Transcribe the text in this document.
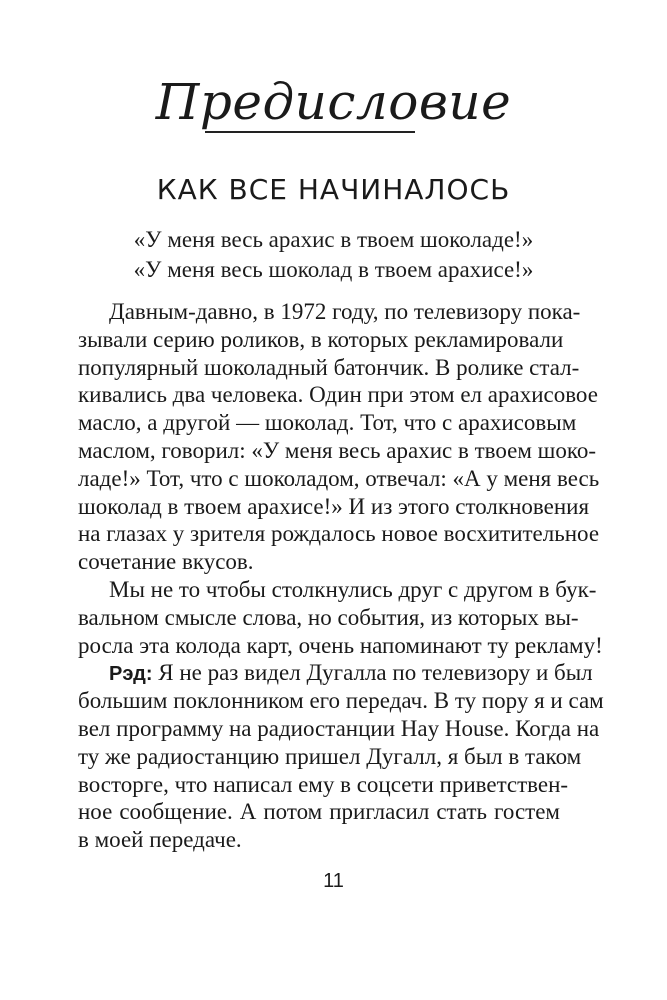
Предисловие
КАК ВСЕ НАЧИНАЛОСЬ
«У меня весь арахис в твоем шоколаде!»
«У меня весь шоколад в твоем арахисе!»

Давным-давно, в 1972 году, по телевизору пока-
зывали серию роликов, в которых рекламировали
популярный шоколадный батончик. В ролике стал-
кивались два человека. Один при этом ел арахисовое
масло, а другой — шоколад. Тот, что с арахисовым
маслом, говорил: «У меня весь арахис в твоем шоко-
ладе!» Тот, что с шоколадом, отвечал: «А у меня весь
шоколад в твоем арахисе!» И из этого столкновения
на глазах у зрителя рождалось новое восхитительное
сочетание вкусов.

Мы не то чтобы столкнулись друг с другом в бук-
вальном смысле слова, но события, из которых вы-
росла эта колода карт, очень напоминают ту рекламу!

Рэд: Я не раз видел Дугалла по телевизору и был
большим поклонником его передач. В ту пору я и сам
вел программу на радиостанции Hay House. Когда на
ту же радиостанцию пришел Дугалл, я был в таком
восторге, что написал ему в соцсети приветствен-
ное сообщение. А потом пригласил стать гостем
в моей передаче.

11
